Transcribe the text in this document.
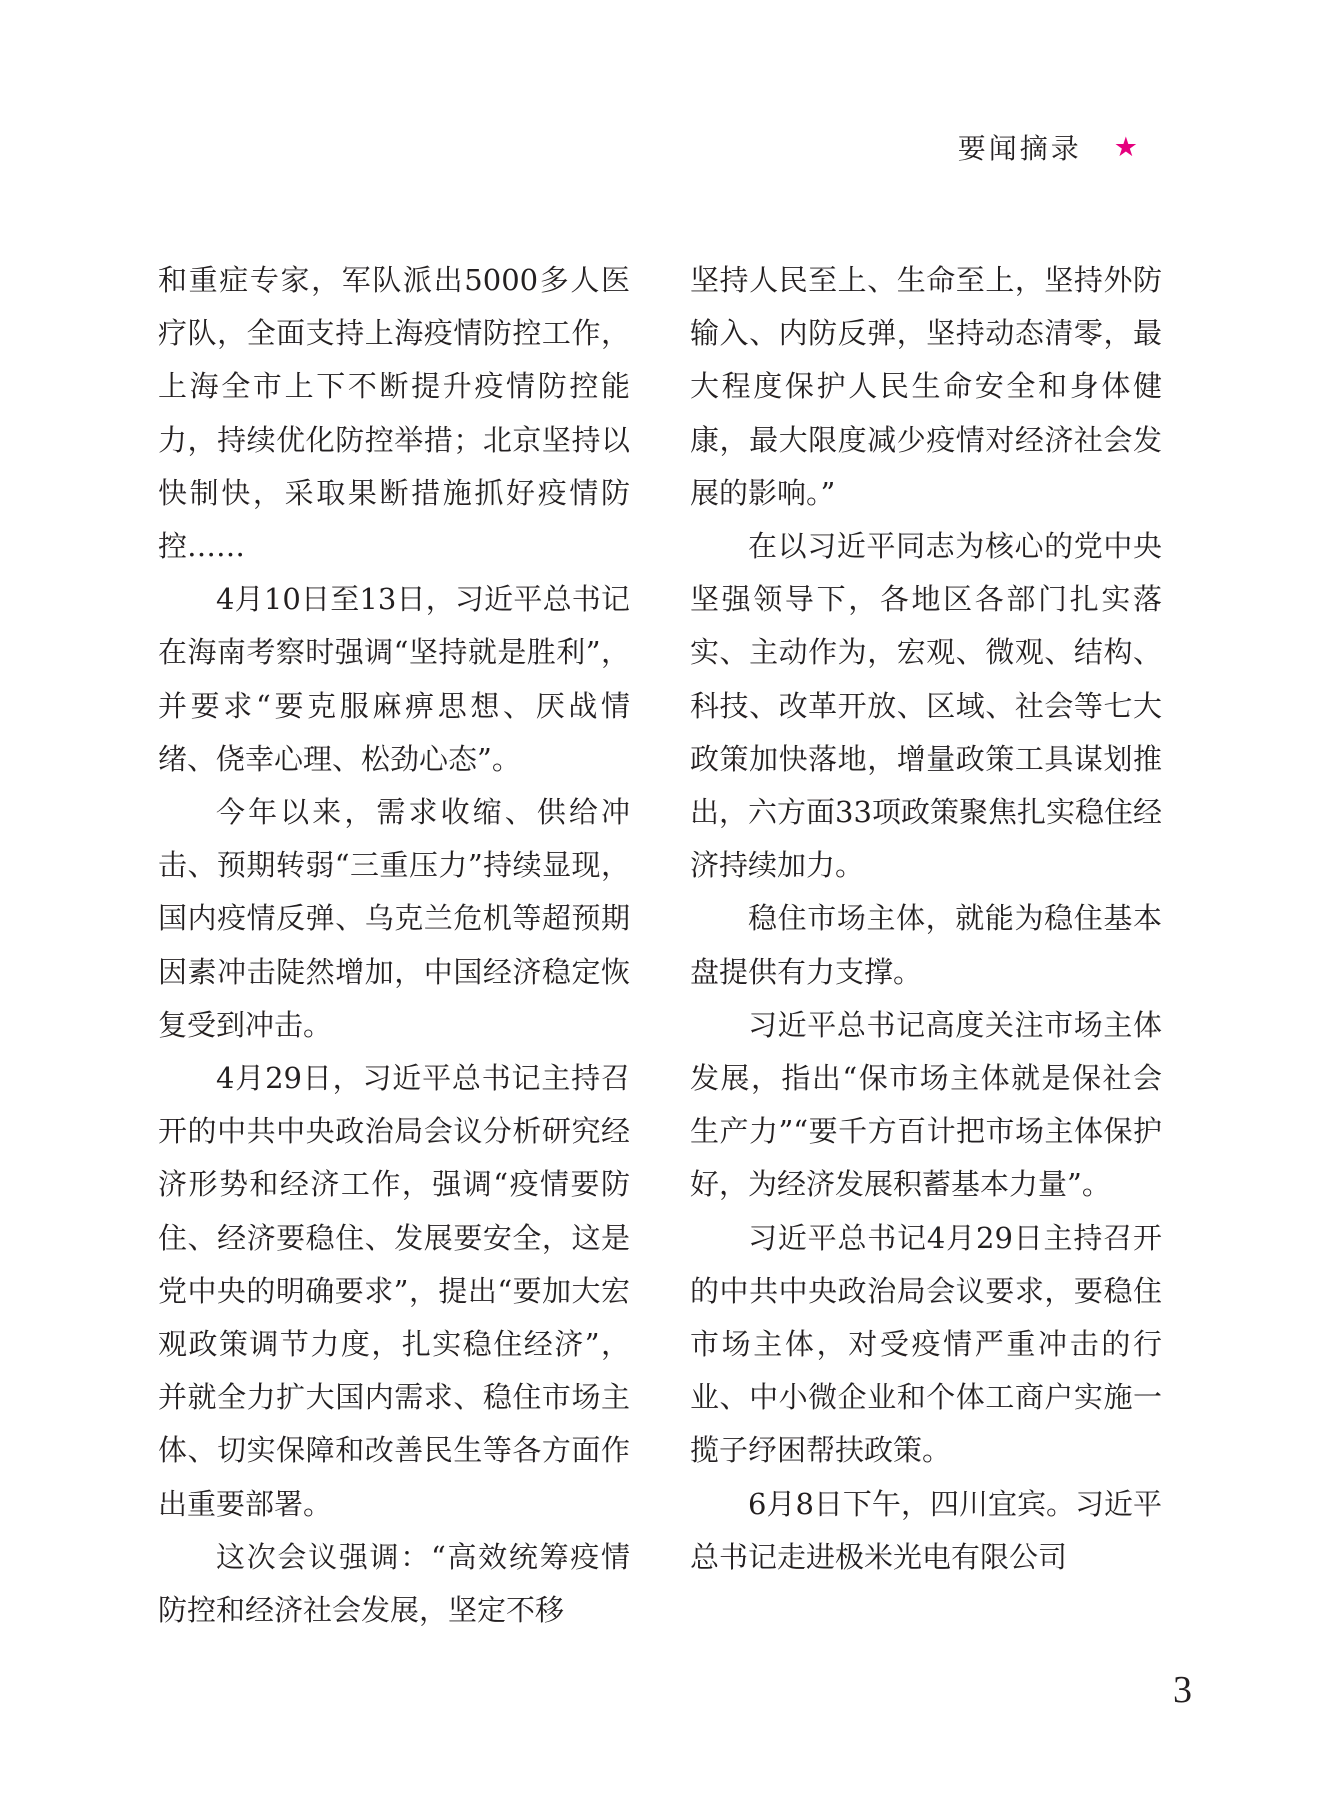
要闻摘录 ★

和重症专家，军队派出5000多人医疗队，全面支持上海疫情防控工作，上海全市上下不断提升疫情防控能力，持续优化防控举措；北京坚持以快制快，采取果断措施抓好疫情防控……

4月10日至13日，习近平总书记在海南考察时强调“坚持就是胜利”，并要求“要克服麻痹思想、厌战情绪、侥幸心理、松劲心态”。

今年以来，需求收缩、供给冲击、预期转弱“三重压力”持续显现，国内疫情反弹、乌克兰危机等超预期因素冲击陡然增加，中国经济稳定恢复受到冲击。

4月29日，习近平总书记主持召开的中共中央政治局会议分析研究经济形势和经济工作，强调“疫情要防住、经济要稳住、发展要安全，这是党中央的明确要求”，提出“要加大宏观政策调节力度，扎实稳住经济”，并就全力扩大国内需求、稳住市场主体、切实保障和改善民生等各方面作出重要部署。

这次会议强调：“高效统筹疫情防控和经济社会发展，坚定不移

坚持人民至上、生命至上，坚持外防输入、内防反弹，坚持动态清零，最大程度保护人民生命安全和身体健康，最大限度减少疫情对经济社会发展的影响。”

在以习近平同志为核心的党中央坚强领导下，各地区各部门扎实落实、主动作为，宏观、微观、结构、科技、改革开放、区域、社会等七大政策加快落地，增量政策工具谋划推出，六方面33项政策聚焦扎实稳住经济持续加力。

稳住市场主体，就能为稳住基本盘提供有力支撑。

习近平总书记高度关注市场主体发展，指出“保市场主体就是保社会生产力”“要千方百计把市场主体保护好，为经济发展积蓄基本力量”。

习近平总书记4月29日主持召开的中共中央政治局会议要求，要稳住市场主体，对受疫情严重冲击的行业、中小微企业和个体工商户实施一揽子纾困帮扶政策。

6月8日下午，四川宜宾。习近平总书记走进极米光电有限公司

3
